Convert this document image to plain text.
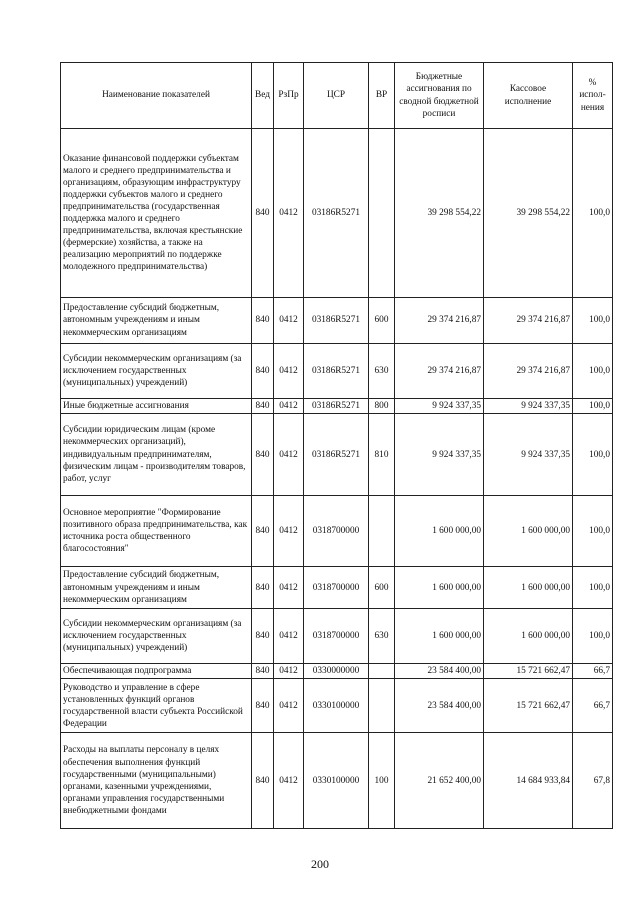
Наименование показателей	Вед	РзПр	ЦСР	ВР	Бюджетные ассигнования по сводной бюджетной росписи	Кассовое исполнение	% испол-нения
Оказание финансовой поддержки субъектам малого и среднего предпринимательства и организациям, образующим инфраструктуру поддержки субъектов малого и среднего предпринимательства (государственная поддержка малого и среднего предпринимательства, включая крестьянские (фермерские) хозяйства, а также на реализацию мероприятий по поддержке молодежного предпринимательства)	840	0412	03186R5271		39 298 554,22	39 298 554,22	100,0
Предоставление субсидий бюджетным, автономным учреждениям и иным некоммерческим организациям	840	0412	03186R5271	600	29 374 216,87	29 374 216,87	100,0
Субсидии некоммерческим организациям (за исключением государственных (муниципальных) учреждений)	840	0412	03186R5271	630	29 374 216,87	29 374 216,87	100,0
Иные бюджетные ассигнования	840	0412	03186R5271	800	9 924 337,35	9 924 337,35	100,0
Субсидии юридическим лицам (кроме некоммерческих организаций), индивидуальным предпринимателям, физическим лицам - производителям товаров, работ, услуг	840	0412	03186R5271	810	9 924 337,35	9 924 337,35	100,0
Основное мероприятие "Формирование позитивного образа предпринимательства, как источника роста общественного благосостояния"	840	0412	0318700000		1 600 000,00	1 600 000,00	100,0
Предоставление субсидий бюджетным, автономным учреждениям и иным некоммерческим организациям	840	0412	0318700000	600	1 600 000,00	1 600 000,00	100,0
Субсидии некоммерческим организациям (за исключением государственных (муниципальных) учреждений)	840	0412	0318700000	630	1 600 000,00	1 600 000,00	100,0
Обеспечивающая подпрограмма	840	0412	0330000000		23 584 400,00	15 721 662,47	66,7
Руководство и управление в сфере установленных функций органов государственной власти субъекта Российской Федерации	840	0412	0330100000		23 584 400,00	15 721 662,47	66,7
Расходы на выплаты персоналу в целях обеспечения выполнения функций государственными (муниципальными) органами, казенными учреждениями, органами управления государственными внебюджетными фондами	840	0412	0330100000	100	21 652 400,00	14 684 933,84	67,8
200
